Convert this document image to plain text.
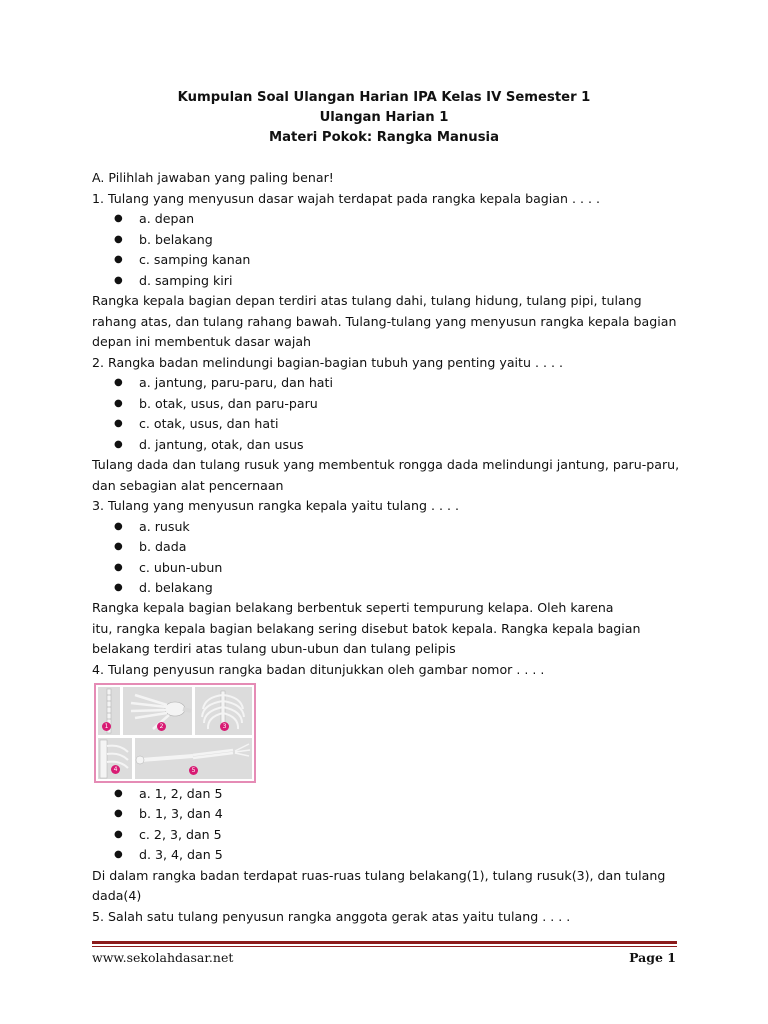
Kumpulan Soal Ulangan Harian IPA Kelas IV Semester 1
Ulangan Harian 1
Materi Pokok: Rangka Manusia
A. Pilihlah jawaban yang paling benar!
1. Tulang yang menyusun dasar wajah terdapat pada rangka kepala bagian . . . .
● a. depan
● b. belakang
● c. samping kanan
● d. samping kiri
Rangka kepala bagian depan terdiri atas tulang dahi, tulang hidung, tulang pipi, tulang
rahang atas, dan tulang rahang bawah. Tulang-tulang yang menyusun rangka kepala bagian
depan ini membentuk dasar wajah
2. Rangka badan melindungi bagian-bagian tubuh yang penting yaitu . . . .
● a. jantung, paru-paru, dan hati
● b. otak, usus, dan paru-paru
● c. otak, usus, dan hati
● d. jantung, otak, dan usus
Tulang dada dan tulang rusuk yang membentuk rongga dada melindungi jantung, paru-paru,
dan sebagian alat pencernaan
3. Tulang yang menyusun rangka kepala yaitu tulang . . . .
● a. rusuk
● b. dada
● c. ubun-ubun
● d. belakang
Rangka kepala bagian belakang berbentuk seperti tempurung kelapa. Oleh karena
itu, rangka kepala bagian belakang sering disebut batok kepala. Rangka kepala bagian
belakang terdiri atas tulang ubun-ubun dan tulang pelipis
4. Tulang penyusun rangka badan ditunjukkan oleh gambar nomor . . . .
1	2	3
4	5
● a. 1, 2, dan 5
● b. 1, 3, dan 4
● c. 2, 3, dan 5
● d. 3, 4, dan 5
Di dalam rangka badan terdapat ruas-ruas tulang belakang(1), tulang rusuk(3), dan tulang
dada(4)
5. Salah satu tulang penyusun rangka anggota gerak atas yaitu tulang . . . .
www.sekolahdasar.net	Page 1
